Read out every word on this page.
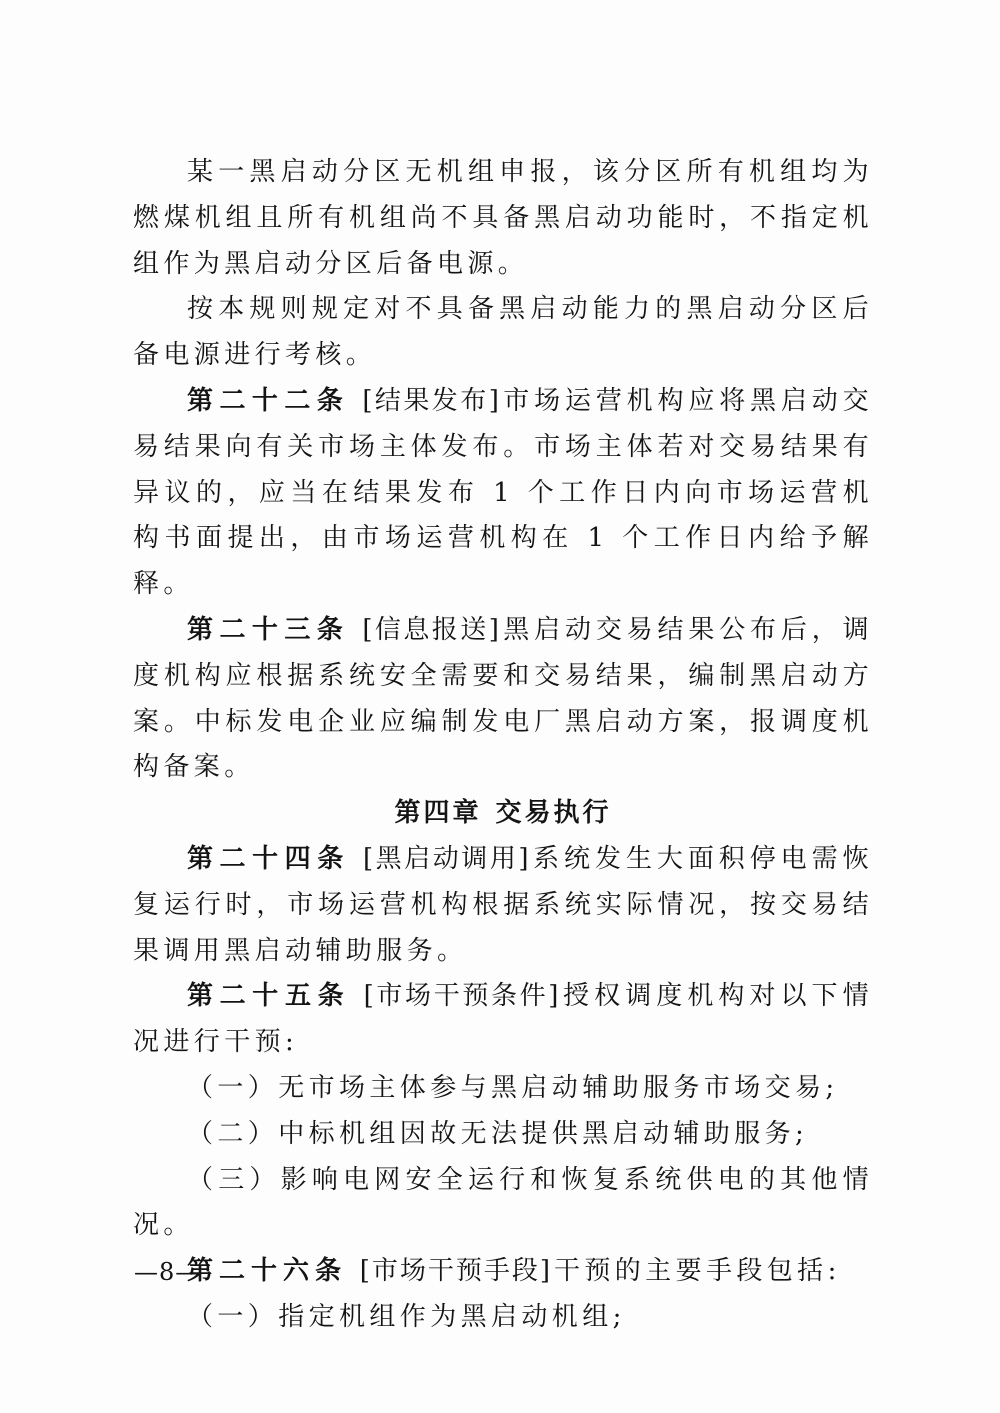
某一黑启动分区无机组申报，该分区所有机组均为燃煤机组且所有机组尚不具备黑启动功能时，不指定机组作为黑启动分区后备电源。

按本规则规定对不具备黑启动能力的黑启动分区后备电源进行考核。

第二十二条 [结果发布]市场运营机构应将黑启动交易结果向有关市场主体发布。市场主体若对交易结果有异议的，应当在结果发布 1 个工作日内向市场运营机构书面提出，由市场运营机构在 1 个工作日内给予解释。

第二十三条 [信息报送]黑启动交易结果公布后，调度机构应根据系统安全需要和交易结果，编制黑启动方案。中标发电企业应编制发电厂黑启动方案，报调度机构备案。

第四章 交易执行

第二十四条 [黑启动调用]系统发生大面积停电需恢复运行时，市场运营机构根据系统实际情况，按交易结果调用黑启动辅助服务。

第二十五条 [市场干预条件]授权调度机构对以下情况进行干预:

（一）无市场主体参与黑启动辅助服务市场交易;

（二）中标机组因故无法提供黑启动辅助服务;

（三）影响电网安全运行和恢复系统供电的其他情况。

第二十六条 [市场干预手段]干预的主要手段包括:

（一）指定机组作为黑启动机组;

—8—
